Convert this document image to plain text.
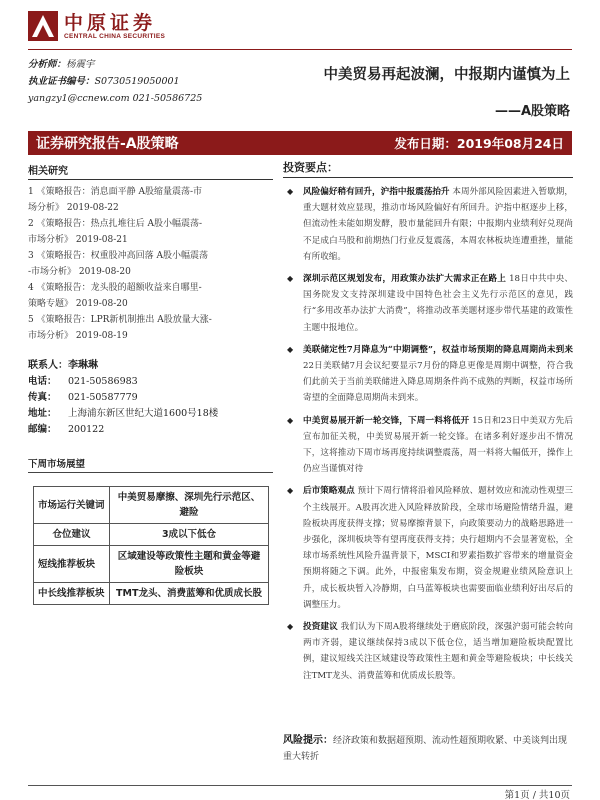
中原证券
CENTRAL CHINA SECURITIES
分析师：杨震宇
执业证书编号：S0730519050001
yangzy1@ccnew.com 021-50586725
中美贸易再起波澜，中报期内谨慎为上
——A股策略
证券研究报告-A股策略	发布日期：2019年08月24日
相关研究
1 《策略报告：消息面平静 A股缩量震荡-市
场分析》 2019-08-22
2 《策略报告：热点扎堆往后 A股小幅震荡-
市场分析》 2019-08-21
3 《策略报告：权重股冲高回落 A股小幅震荡
-市场分析》 2019-08-20
4 《策略报告：龙头股的超额收益来自哪里-
策略专题》 2019-08-20
5 《策略报告：LPR新机制推出 A股放量大涨-
市场分析》 2019-08-19
联系人：李琳琳
电话： 021-50586983
传真： 021-50587779
地址： 上海浦东新区世纪大道1600号18楼
邮编： 200122
下周市场展望
市场运行关键词	中美贸易摩擦、深圳先行示范区、避险
仓位建议	3成以下低仓
短线推荐板块	区域建设等政策性主题和黄金等避险板块
中长线推荐板块	TMT龙头、消费蓝筹和优质成长股
投资要点：
◆ 风险偏好稍有回升，沪指中报震荡抬升 本周外部风险因素进入暂歇期，重大题材效应显现，推动市场风险偏好有所回升。沪指中枢逐步上移，但流动性未能如期发酵，股市量能回升有限；中报期内业绩利好兑现尚不足成白马股和前期热门行业反复震荡，本周农林板块连遭重挫，量能有所收缩。
◆ 深圳示范区规划发布，用政策办法扩大需求正在路上 18日中共中央、国务院发文支持深圳建设中国特色社会主义先行示范区的意见，践行“多用改革办法扩大消费”，将推动改革美题材逐步带代基建的政策性主题中报地位。
◆ 美联储定性7月降息为“中期调整”，权益市场预期的降息周期尚未到来 22日美联储7月会议纪要显示7月份的降息更像是周期中调整，符合我们此前关于当前美联储进入降息周期条件尚不成熟的判断，权益市场所寄望的全面降息周期尚未到来。
◆ 中美贸易展开新一轮交锋，下周一料将低开 15日和23日中美双方先后宣布加征关税，中美贸易展开新一轮交锋。在诸多利好逐步出不情况下，这将推动下周市场再度持续调整震荡，周一料将大幅低开，操作上仍应当谨慎对待
◆ 后市策略观点 预计下周行情将沿着风险释放、题材效应和流动性观望三个主线展开。A股再次进入风险释放阶段，全球市场避险情绪升温，避险板块再度获得支撑；贸易摩擦背景下，向政策要动力的战略思路进一步强化，深圳板块等有望再度获得支持；央行超期内不会显著宽松，全球市场系统性风险升温背景下，MSCI和罗素指数扩容带来的增量资金预期将随之下调。此外，中报密集发布期，资金规避业绩风险意识上升，成长板块暂入冷静期，白马蓝筹板块也需要面临业绩利好出尽后的调整压力。
◆ 投资建议 我们认为下周A股将继续处于磨底阶段，深强沪弱可能会转向两市齐弱，建议继续保持3成以下低仓位，适当增加避险板块配置比例，建议短线关注区域建设等政策性主题和黄金等避险板块；中长线关注TMT龙头、消费蓝筹和优质成长股等。
风险提示：经济政策和数据超预期、流动性超预期收紧、中美谈判出现重大转折
第1页 / 共10页
